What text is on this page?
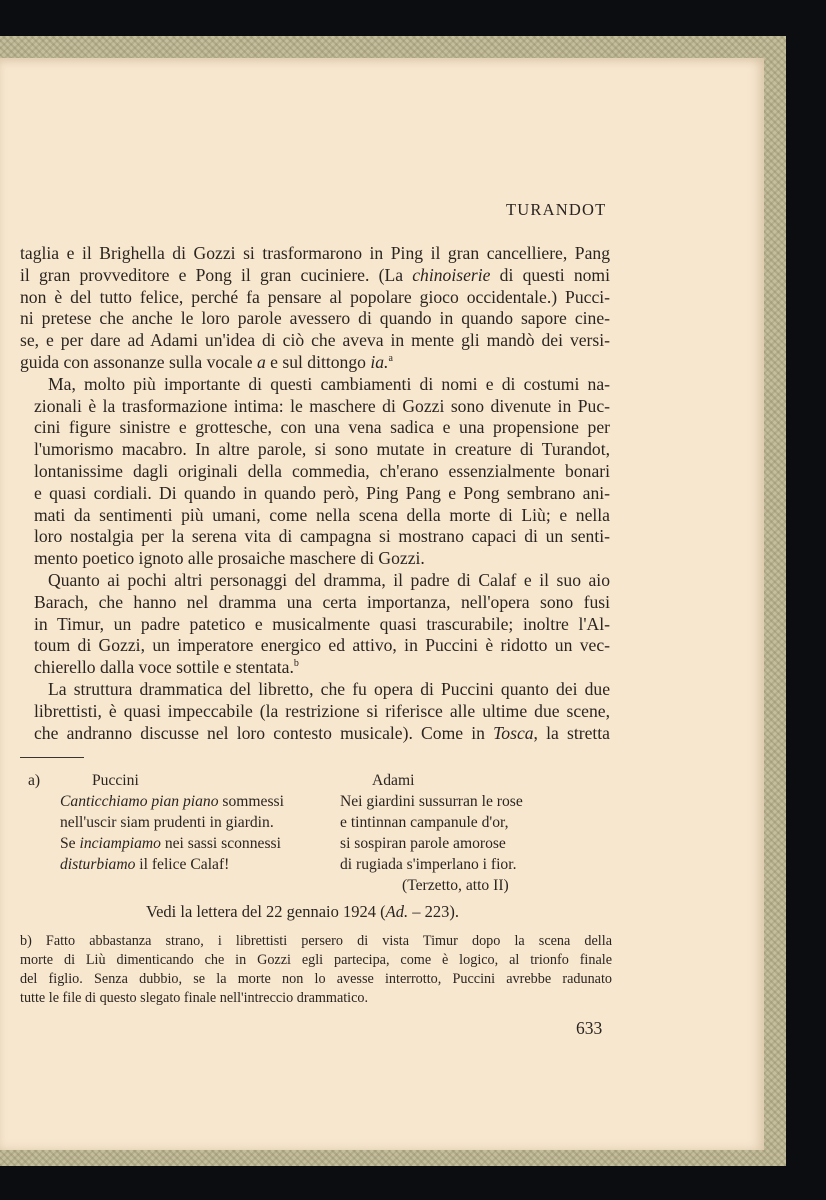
TURANDOT

taglia e il Brighella di Gozzi si trasformarono in Ping il gran cancelliere, Pang
il gran provveditore e Pong il gran cuciniere. (La chinoiserie di questi nomi
non è del tutto felice, perché fa pensare al popolare gioco occidentale.) Pucci-
ni pretese che anche le loro parole avessero di quando in quando sapore cine-
se, e per dare ad Adami un'idea di ciò che aveva in mente gli mandò dei versi-
guida con assonanze sulla vocale a e sul dittongo ia.$^a$

Ma, molto più importante di questi cambiamenti di nomi e di costumi na-
zionali è la trasformazione intima: le maschere di Gozzi sono divenute in Puc-
cini figure sinistre e grottesche, con una vena sadica e una propensione per
l'umorismo macabro. In altre parole, si sono mutate in creature di Turandot,
lontanissime dagli originali della commedia, ch'erano essenzialmente bonari
e quasi cordiali. Di quando in quando però, Ping Pang e Pong sembrano ani-
mati da sentimenti più umani, come nella scena della morte di Liù; e nella
loro nostalgia per la serena vita di campagna si mostrano capaci di un senti-
mento poetico ignoto alle prosaiche maschere di Gozzi.

Quanto ai pochi altri personaggi del dramma, il padre di Calaf e il suo aio
Barach, che hanno nel dramma una certa importanza, nell'opera sono fusi
in Timur, un padre patetico e musicalmente quasi trascurabile; inoltre l'Al-
toum di Gozzi, un imperatore energico ed attivo, in Puccini è ridotto un vec-
chierello dalla voce sottile e stentata.$^b$

La struttura drammatica del libretto, che fu opera di Puccini quanto dei due
librettisti, è quasi impeccabile (la restrizione si riferisce alle ultime due scene,
che andranno discusse nel loro contesto musicale). Come in Tosca, la stretta

a)	Puccini
Canticchiamo pian piano sommessi
nell'uscir siam prudenti in giardin.
Se inciampiamo nei sassi sconnessi
disturbiamo il felice Calaf!
Adami
Nei giardini sussurran le rose
e tintinnan campanule d'or,
si sospiran parole amorose
di rugiada s'imperlano i fior.
(Terzetto, atto II)
Vedi la lettera del 22 gennaio 1924 (Ad. – 223).
b) Fatto abbastanza strano, i librettisti persero di vista Timur dopo la scena della
morte di Liù dimenticando che in Gozzi egli partecipa, come è logico, al trionfo finale
del figlio. Senza dubbio, se la morte non lo avesse interrotto, Puccini avrebbe radunato
tutte le file di questo slegato finale nell'intreccio drammatico.
633
